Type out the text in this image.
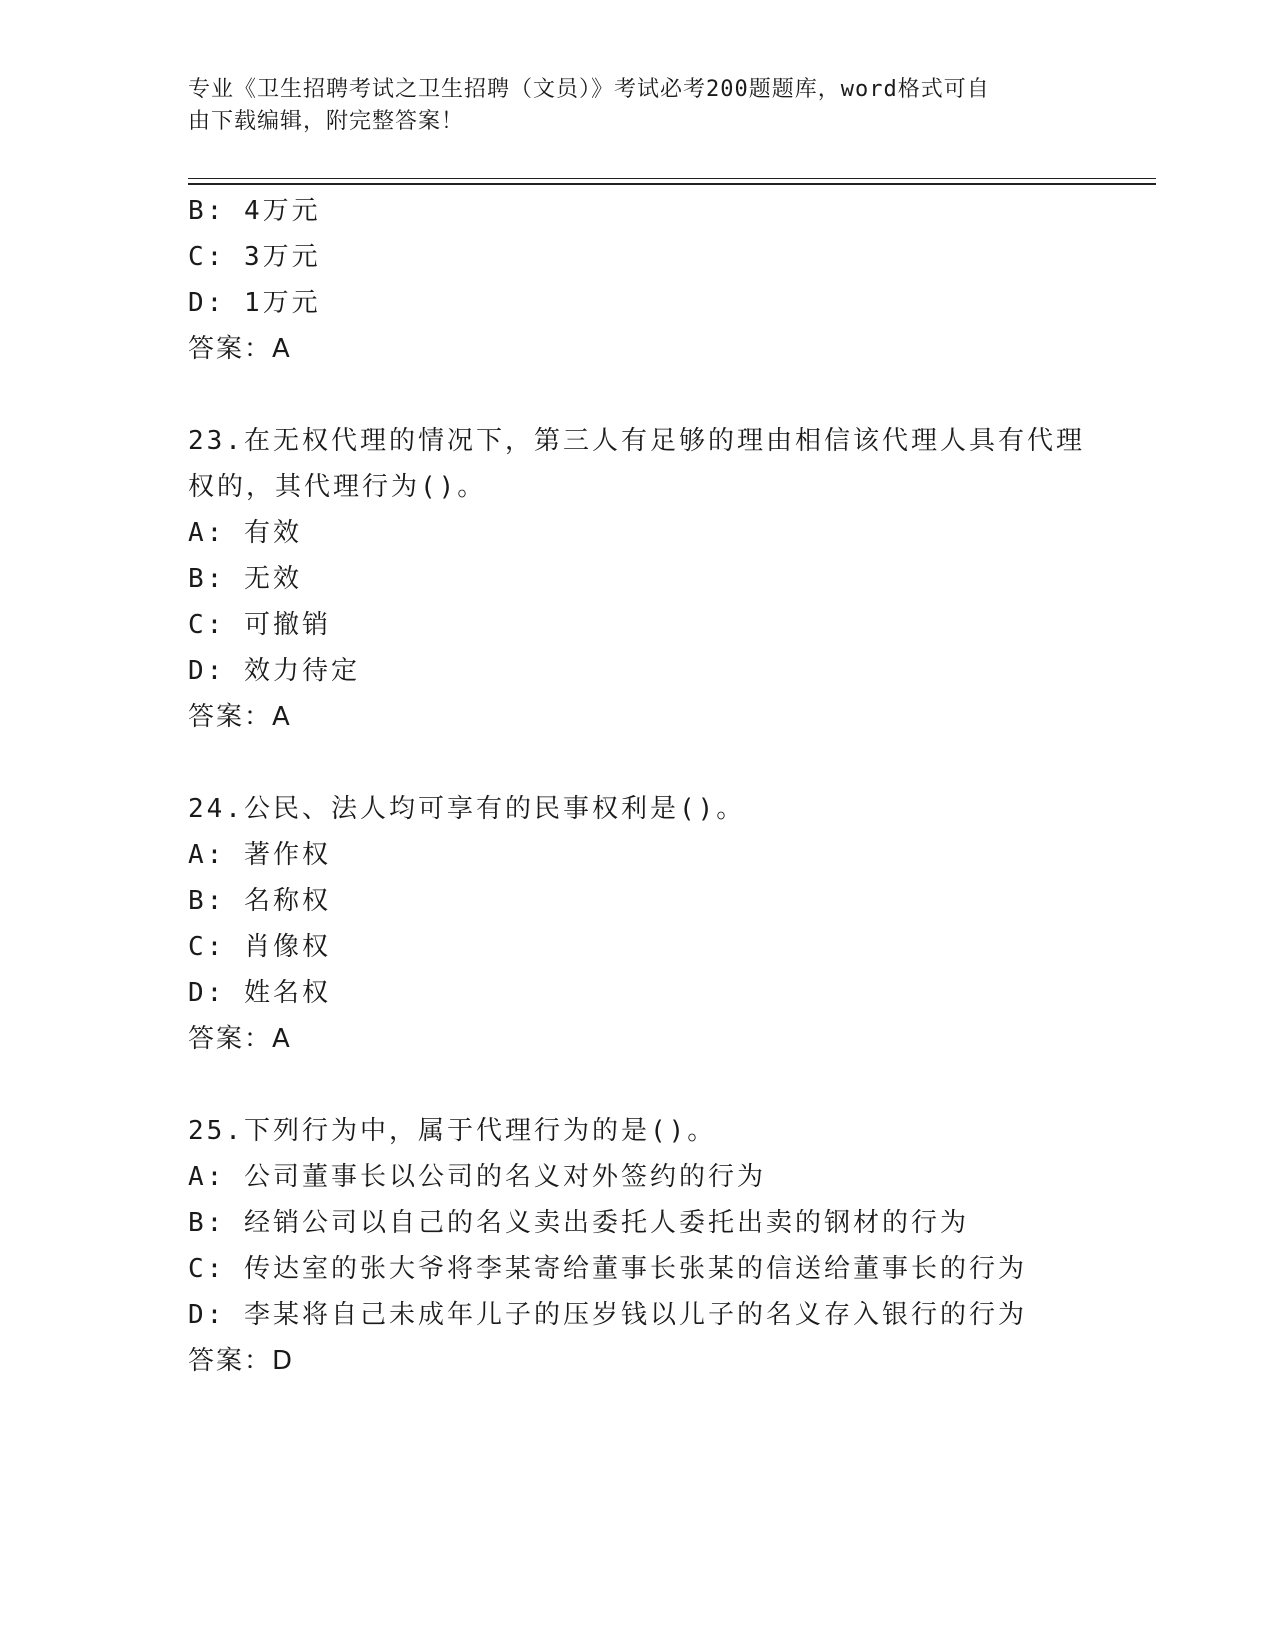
专业《卫生招聘考试之卫生招聘（文员）》考试必考200题题库，word格式可自
由下载编辑，附完整答案！
B: 4万元
C: 3万元
D: 1万元
答案：A
23.在无权代理的情况下，第三人有足够的理由相信该代理人具有代理
权的，其代理行为()。
A: 有效
B: 无效
C: 可撤销
D: 效力待定
答案：A
24.公民、法人均可享有的民事权利是()。
A: 著作权
B: 名称权
C: 肖像权
D: 姓名权
答案：A
25.下列行为中，属于代理行为的是()。
A: 公司董事长以公司的名义对外签约的行为
B: 经销公司以自己的名义卖出委托人委托出卖的钢材的行为
C: 传达室的张大爷将李某寄给董事长张某的信送给董事长的行为
D: 李某将自己未成年儿子的压岁钱以儿子的名义存入银行的行为
答案：D
